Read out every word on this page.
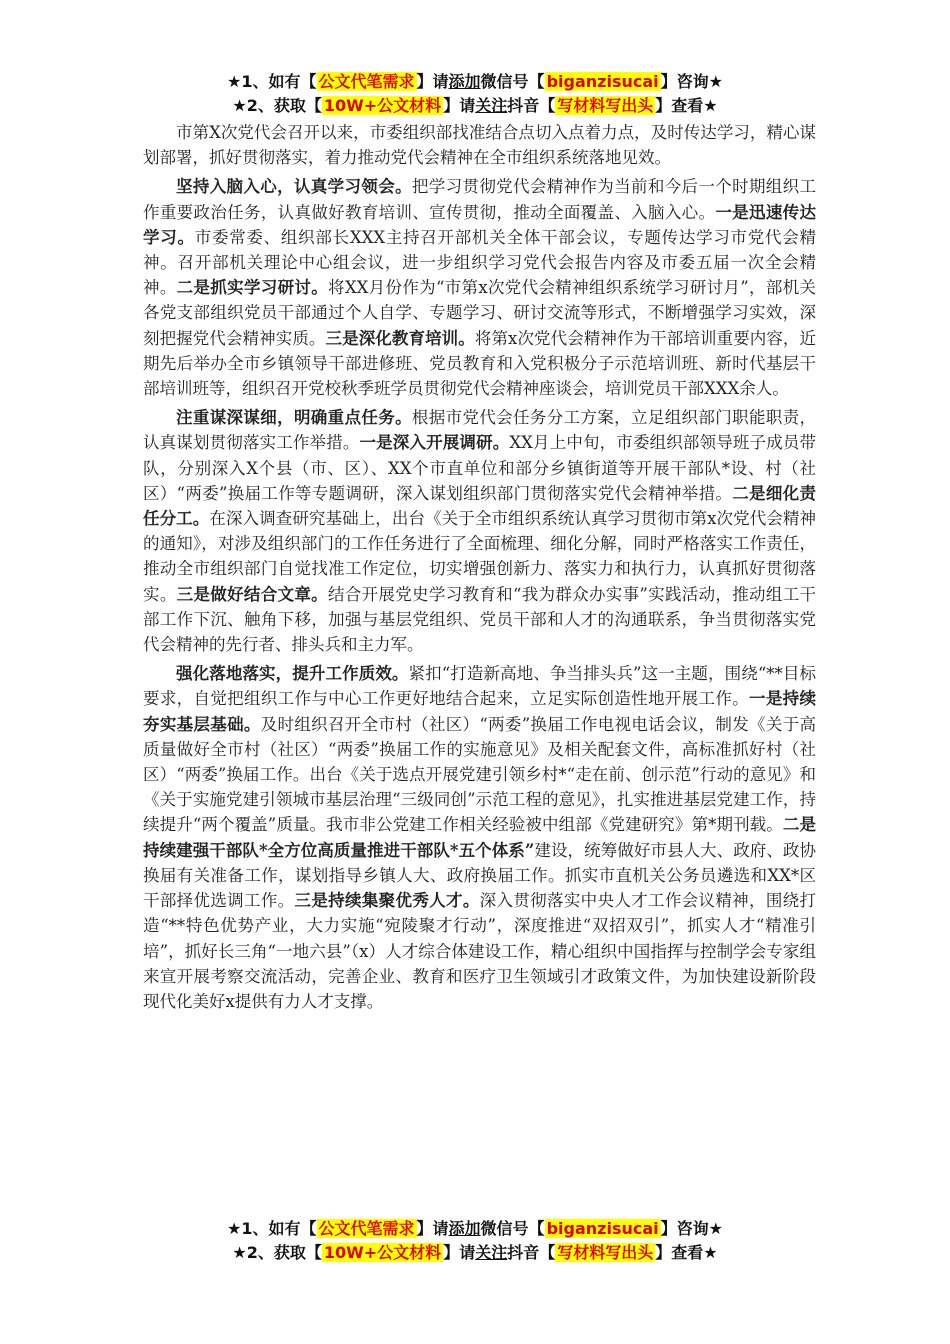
★1、如有【 公文代笔需求 】请添加微信号【 biganzisucai 】咨询★
★2、获取【 10W+公文材料 】请关注抖音【 写材料写出头 】查看★

市第X次党代会召开以来，市委组织部找准结合点切入点着力点，及时传达学习，精心谋划部署，抓好贯彻落实，着力推动党代会精神在全市组织系统落地见效。

坚持入脑入心，认真学习领会。把学习贯彻党代会精神作为当前和今后一个时期组织工作重要政治任务，认真做好教育培训、宣传贯彻，推动全面覆盖、入脑入心。一是迅速传达学习。市委常委、组织部长XXX主持召开部机关全体干部会议，专题传达学习市党代会精神。召开部机关理论中心组会议，进一步组织学习党代会报告内容及市委五届一次全会精神。二是抓实学习研讨。将XX月份作为“市第x次党代会精神组织系统学习研讨月”，部机关各党支部组织党员干部通过个人自学、专题学习、研讨交流等形式，不断增强学习实效，深刻把握党代会精神实质。三是深化教育培训。将第x次党代会精神作为干部培训重要内容，近期先后举办全市乡镇领导干部进修班、党员教育和入党积极分子示范培训班、新时代基层干部培训班等，组织召开党校秋季班学员贯彻党代会精神座谈会，培训党员干部XXX余人。

注重谋深谋细，明确重点任务。根据市党代会任务分工方案，立足组织部门职能职责，认真谋划贯彻落实工作举措。一是深入开展调研。XX月上中旬，市委组织部领导班子成员带队，分别深入X个县（市、区）、XX个市直单位和部分乡镇街道等开展干部队*设、村（社区）“两委”换届工作等专题调研，深入谋划组织部门贯彻落实党代会精神举措。二是细化责任分工。在深入调查研究基础上，出台《关于全市组织系统认真学习贯彻市第x次党代会精神的通知》，对涉及组织部门的工作任务进行了全面梳理、细化分解，同时严格落实工作责任，推动全市组织部门自觉找准工作定位，切实增强创新力、落实力和执行力，认真抓好贯彻落实。三是做好结合文章。结合开展党史学习教育和“我为群众办实事”实践活动，推动组工干部工作下沉、触角下移，加强与基层党组织、党员干部和人才的沟通联系，争当贯彻落实党代会精神的先行者、排头兵和主力军。

强化落地落实，提升工作质效。紧扣“打造新高地、争当排头兵”这一主题，围绕“**目标要求，自觉把组织工作与中心工作更好地结合起来，立足实际创造性地开展工作。一是持续夯实基层基础。及时组织召开全市村（社区）“两委”换届工作电视电话会议，制发《关于高质量做好全市村（社区）“两委”换届工作的实施意见》及相关配套文件，高标准抓好村（社区）“两委”换届工作。出台《关于选点开展党建引领乡村*“走在前、创示范”行动的意见》和《关于实施党建引领城市基层治理“三级同创”示范工程的意见》，扎实推进基层党建工作，持续提升“两个覆盖”质量。我市非公党建工作相关经验被中组部《党建研究》第*期刊载。二是持续建强干部队*全方位高质量推进干部队*五个体系”建设，统筹做好市县人大、政府、政协换届有关准备工作，谋划指导乡镇人大、政府换届工作。抓实市直机关公务员遴选和XX*区干部择优选调工作。三是持续集聚优秀人才。深入贯彻落实中央人才工作会议精神，围绕打造“**特色优势产业，大力实施“宛陵聚才行动”，深度推进“双招双引”，抓实人才“精准引培”，抓好长三角“一地六县”（x）人才综合体建设工作，精心组织中国指挥与控制学会专家组来宣开展考察交流活动，完善企业、教育和医疗卫生领域引才政策文件，为加快建设新阶段现代化美好x提供有力人才支撑。

★1、如有【 公文代笔需求 】请添加微信号【 biganzisucai 】咨询★
★2、获取【 10W+公文材料 】请关注抖音【 写材料写出头 】查看★
